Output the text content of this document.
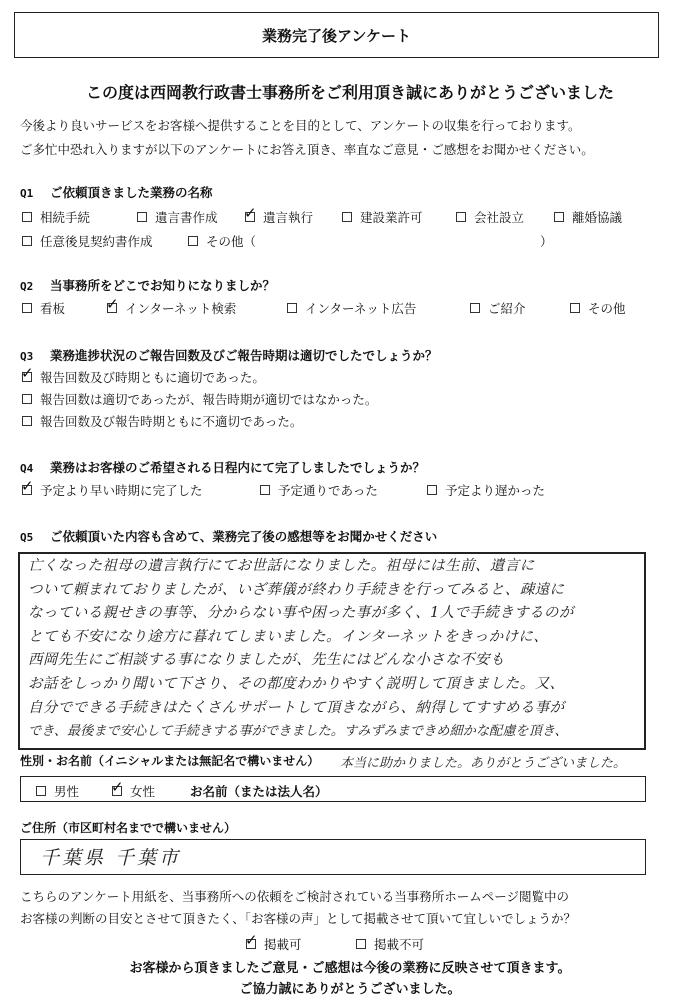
業務完了後アンケート
この度は西岡教行政書士事務所をご利用頂き誠にありがとうございました
今後より良いサービスをお客様へ提供することを目的として、アンケートの収集を行っております。
ご多忙中恐れ入りますが以下のアンケートにお答え頂き、率直なご意見・ご感想をお聞かせください。
Q1 ご依頼頂きました業務の名称
相続手続	遺言書作成 ✓	遺言執行	建設業許可	会社設立	離婚協議
任意後見契約書作成	その他（	）
Q2 当事務所をどこでお知りになりましか？
看板 ✓	インターネット検索	インターネット広告	ご紹介	その他
Q3 業務進捗状況のご報告回数及びご報告時期は適切でしたでしょうか？
✓
報告回数及び時期ともに適切であった。
報告回数は適切であったが、報告時期が適切ではなかった。
報告回数及び報告時期ともに不適切であった。
Q4 業務はお客様のご希望される日程内にて完了しましたでしょうか？
✓
予定より早い時期に完了した	予定通りであった	予定より遅かった
Q5 ご依頼頂いた内容も含めて、業務完了後の感想等をお聞かせください
亡くなった祖母の遺言執行にてお世話になりました。祖母には生前、遺言に
ついて頼まれておりましたが、いざ葬儀が終わり手続きを行ってみると、疎遠に
なっている親せきの事等、分からない事や困った事が多く、1人で手続きするのが
とても不安になり途方に暮れてしまいました。インターネットをきっかけに、
西岡先生にご相談する事になりましたが、先生にはどんな小さな不安も
お話をしっかり聞いて下さり、その都度わかりやすく説明して頂きました。又、
自分でできる手続きはたくさんサポートして頂きながら、納得してすすめる事が
でき、最後まで安心して手続きする事ができました。すみずみまできめ細かな配慮を頂き、
本当に助かりました。ありがとうございました。
性別・お名前（イニシャルまたは無記名で構いません）
男性 ✓	女性	お名前（または法人名）
ご住所（市区町村名までで構いません）
千葉県 千葉市
こちらのアンケート用紙を、当事務所への依頼をご検討されている当事務所ホームページ閲覧中の
お客様の判断の目安とさせて頂きたく、「お客様の声」として掲載させて頂いて宜しいでしょうか？
✓
掲載可	掲載不可
お客様から頂きましたご意見・ご感想は今後の業務に反映させて頂きます。
ご協力誠にありがとうございました。
